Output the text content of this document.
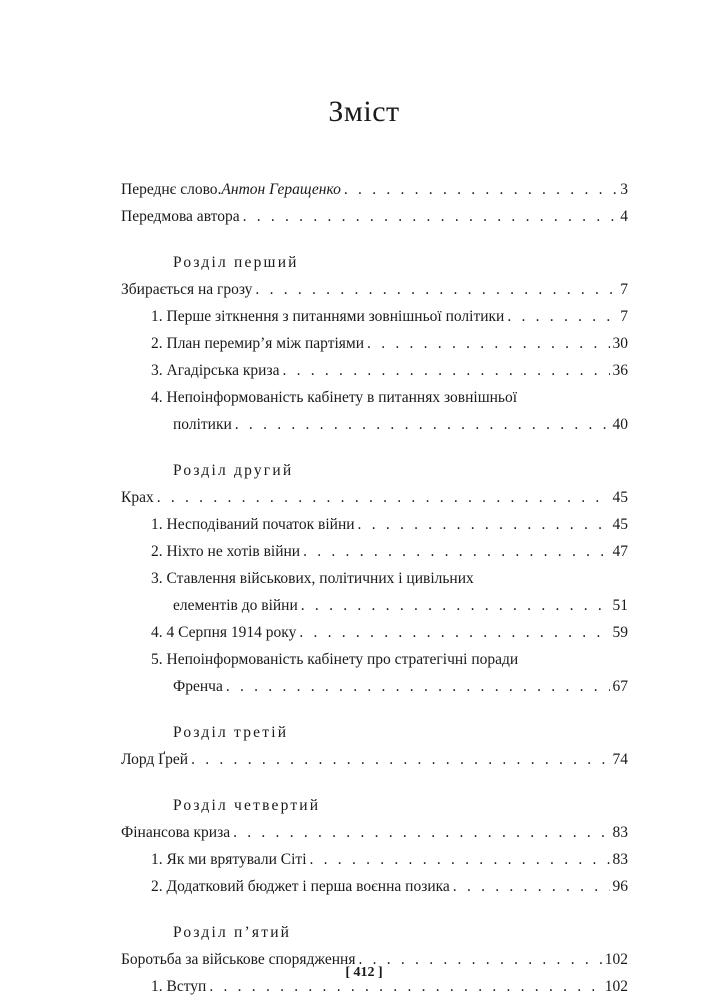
Зміст
Переднє слово. Антон Геращенко . . .	3
Передмова автора . . .	4
Розділ перший
Збирається на грозу . . .	7
1. Перше зіткнення з питаннями зовнішньої політики . . .	7
2. План перемир’я між партіями . . .	30
3. Агадірська криза . . .	36
4. Непоінформованість кабінету в питаннях зовнішньої
політики . . .	40
Розділ другий
Крах . . .	45
1. Несподіваний початок війни . . .	45
2. Ніхто не хотів війни . . .	47
3. Ставлення військових, політичних і цивільних
елементів до війни . . .	51
4. 4 Серпня 1914 року . . .	59
5. Непоінформованість кабінету про стратегічні поради
Френча . . .	67
Розділ третій
Лорд Ґрей . . .	74
Розділ четвертий
Фінансова криза . . .	83
1. Як ми врятували Сіті . . .	83
2. Додатковий бюджет і перша воєнна позика . . .	96
Розділ п’ятий
Боротьба за військове спорядження . . .	102
1. Вступ . . .	102
[ 412 ]
